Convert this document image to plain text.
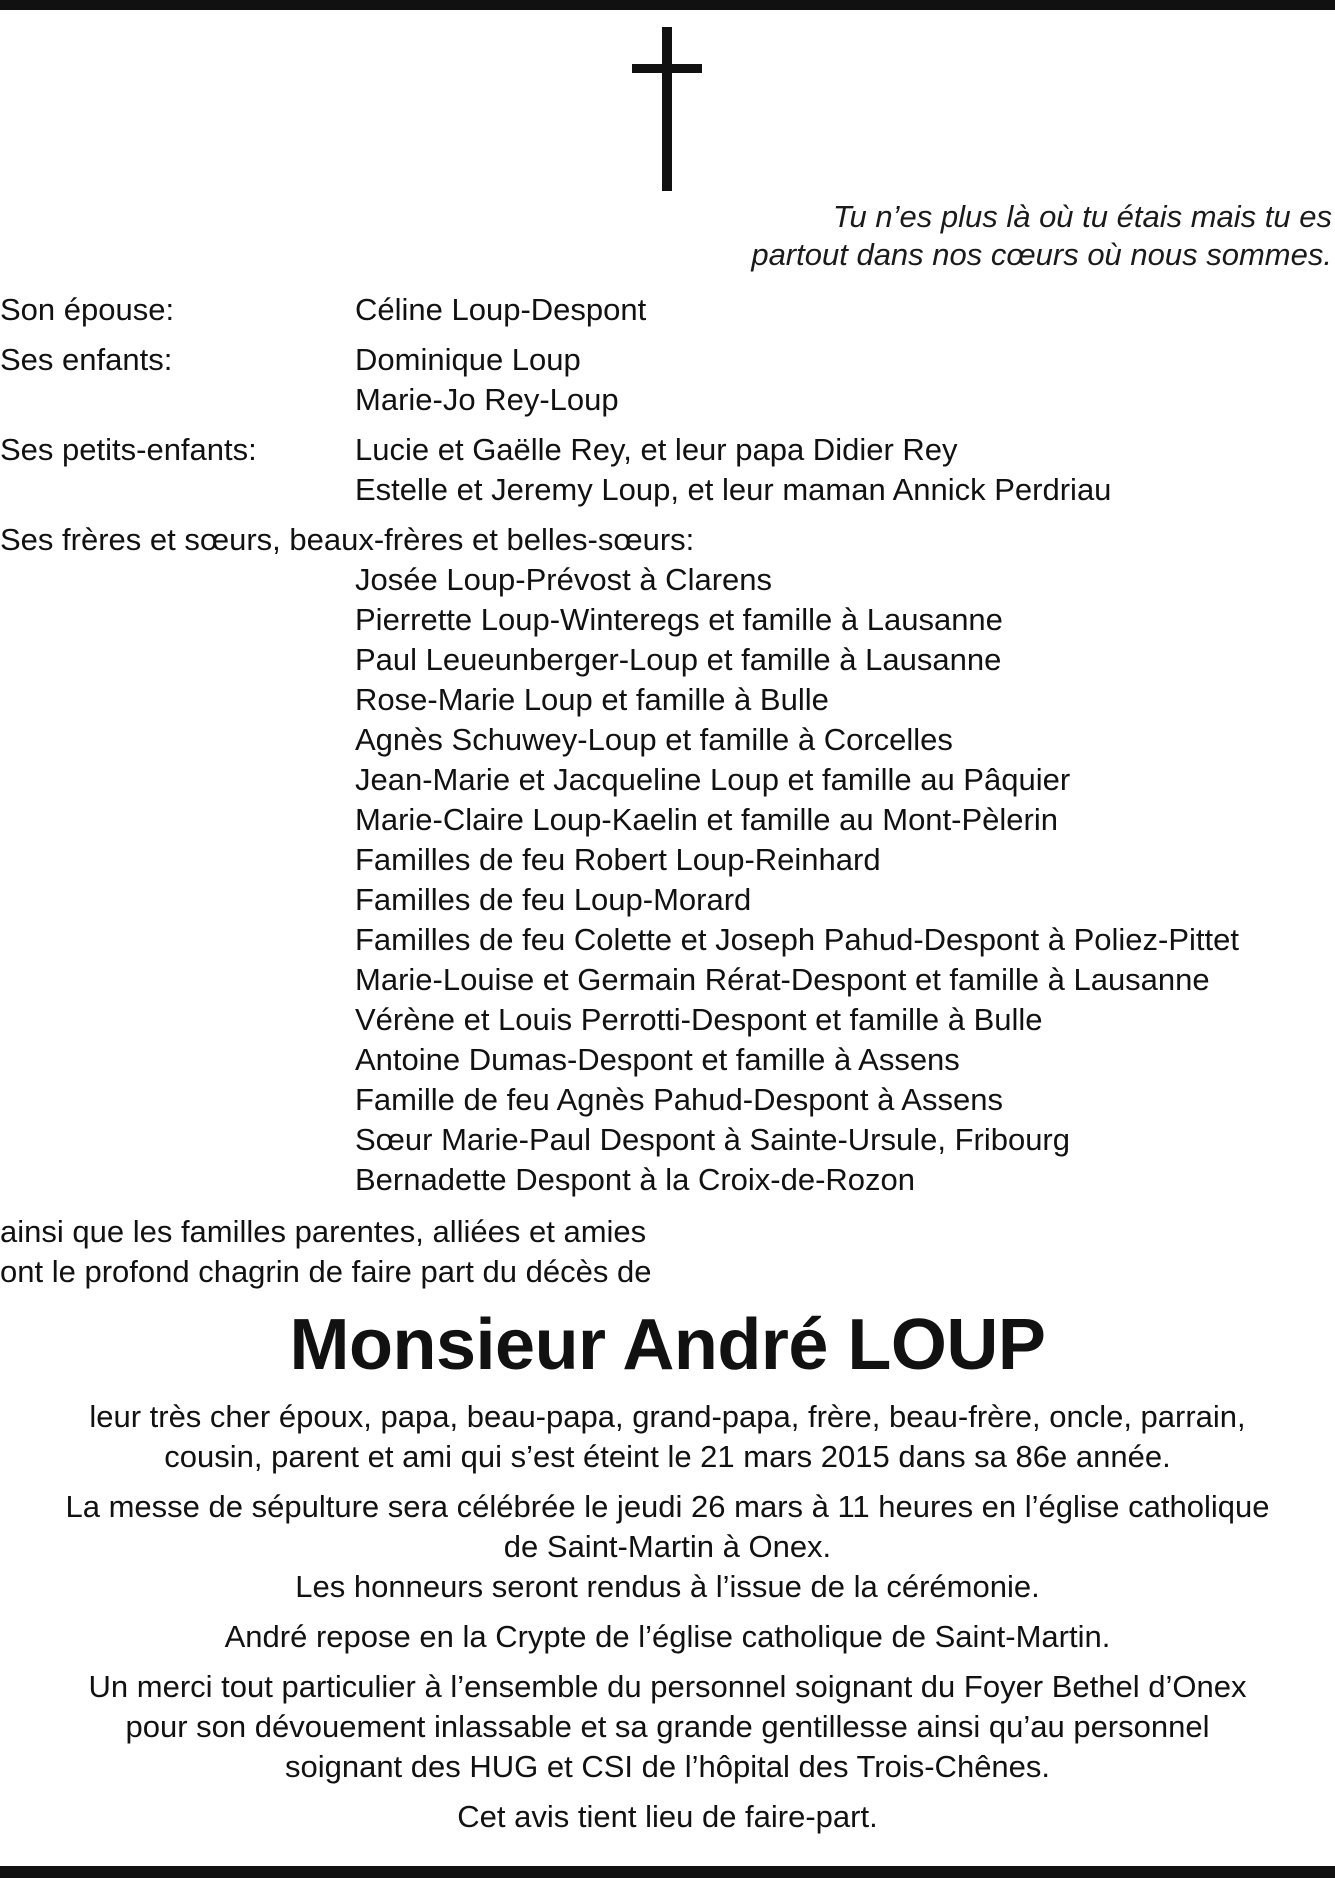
Tu n’es plus là où tu étais mais tu es
partout dans nos cœurs où nous sommes.
Son épouse:	Céline Loup-Despont
Ses enfants:	Dominique Loup
Marie-Jo Rey-Loup
Ses petits-enfants:	Lucie et Gaëlle Rey, et leur papa Didier Rey
Estelle et Jeremy Loup, et leur maman Annick Perdriau
Ses frères et sœurs, beaux-frères et belles-sœurs:
Josée Loup-Prévost à Clarens
Pierrette Loup-Winteregs et famille à Lausanne
Paul Leueunberger-Loup et famille à Lausanne
Rose-Marie Loup et famille à Bulle
Agnès Schuwey-Loup et famille à Corcelles
Jean-Marie et Jacqueline Loup et famille au Pâquier
Marie-Claire Loup-Kaelin et famille au Mont-Pèlerin
Familles de feu Robert Loup-Reinhard
Familles de feu Loup-Morard
Familles de feu Colette et Joseph Pahud-Despont à Poliez-Pittet
Marie-Louise et Germain Rérat-Despont et famille à Lausanne
Vérène et Louis Perrotti-Despont et famille à Bulle
Antoine Dumas-Despont et famille à Assens
Famille de feu Agnès Pahud-Despont à Assens
Sœur Marie-Paul Despont à Sainte-Ursule, Fribourg
Bernadette Despont à la Croix-de-Rozon
ainsi que les familles parentes, alliées et amies
ont le profond chagrin de faire part du décès de
Monsieur André LOUP
leur très cher époux, papa, beau-papa, grand-papa, frère, beau-frère, oncle, parrain,
cousin, parent et ami qui s’est éteint le 21 mars 2015 dans sa 86e année.
La messe de sépulture sera célébrée le jeudi 26 mars à 11 heures en l’église catholique
de Saint-Martin à Onex.
Les honneurs seront rendus à l’issue de la cérémonie.
André repose en la Crypte de l’église catholique de Saint-Martin.
Un merci tout particulier à l’ensemble du personnel soignant du Foyer Bethel d’Onex
pour son dévouement inlassable et sa grande gentillesse ainsi qu’au personnel
soignant des HUG et CSI de l’hôpital des Trois-Chênes.
Cet avis tient lieu de faire-part.
